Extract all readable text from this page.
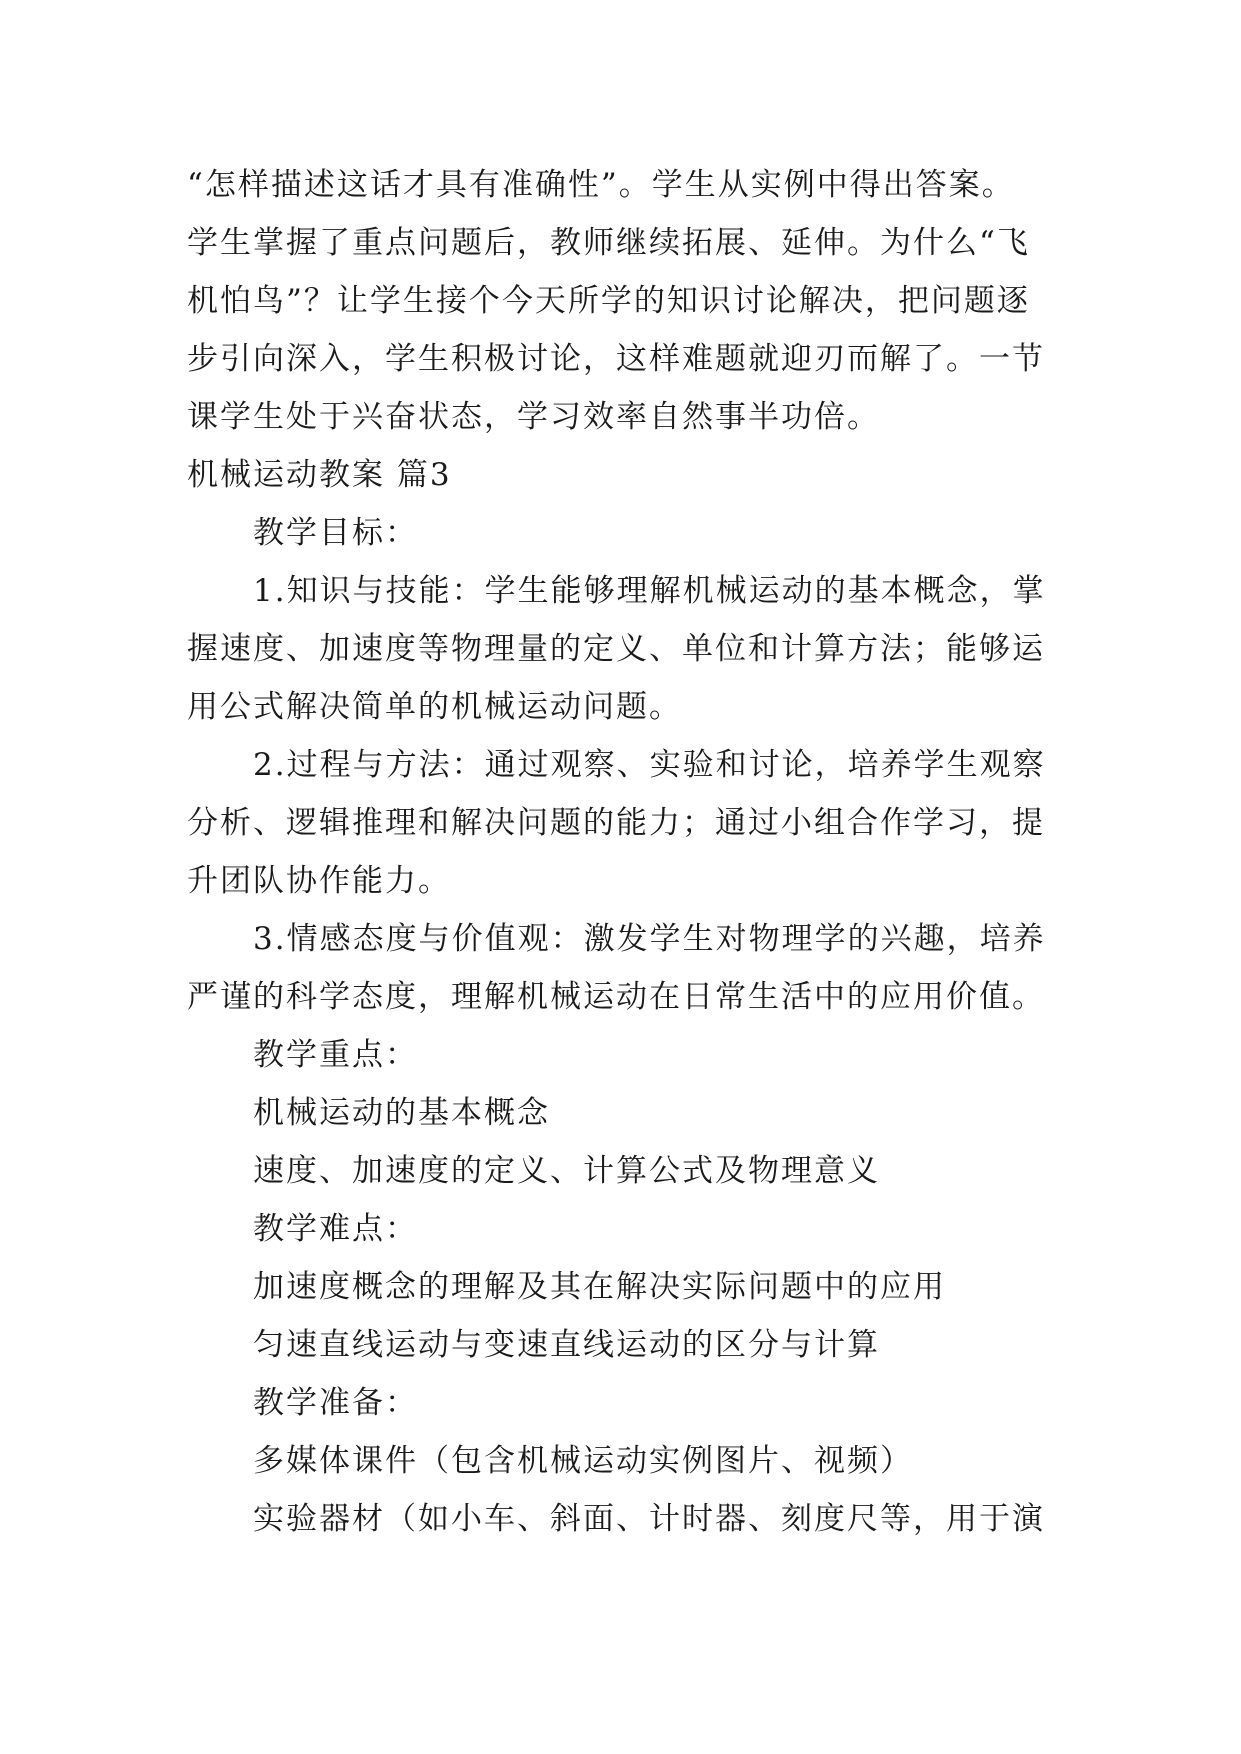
“怎样描述这话才具有准确性”。学生从实例中得出答案。
学生掌握了重点问题后，教师继续拓展、延伸。为什么“飞
机怕鸟”？让学生接个今天所学的知识讨论解决，把问题逐
步引向深入，学生积极讨论，这样难题就迎刃而解了。一节
课学生处于兴奋状态，学习效率自然事半功倍。
机械运动教案 篇3
教学目标：
1.知识与技能：学生能够理解机械运动的基本概念，掌
握速度、加速度等物理量的定义、单位和计算方法；能够运
用公式解决简单的机械运动问题。
2.过程与方法：通过观察、实验和讨论，培养学生观察
分析、逻辑推理和解决问题的能力；通过小组合作学习，提
升团队协作能力。
3.情感态度与价值观：激发学生对物理学的兴趣，培养
严谨的科学态度，理解机械运动在日常生活中的应用价值。
教学重点：
机械运动的基本概念
速度、加速度的定义、计算公式及物理意义
教学难点：
加速度概念的理解及其在解决实际问题中的应用
匀速直线运动与变速直线运动的区分与计算
教学准备：
多媒体课件（包含机械运动实例图片、视频）
实验器材（如小车、斜面、计时器、刻度尺等，用于演
